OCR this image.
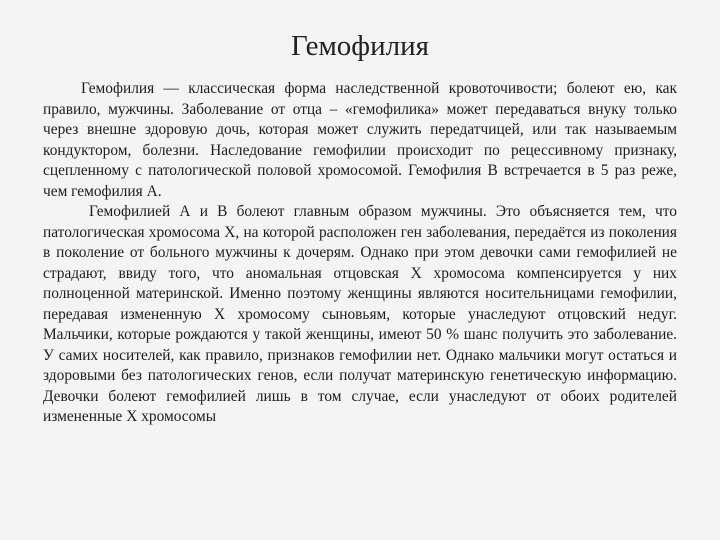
Гемофилия

Гемофилия — классическая форма наследственной кровоточивости; болеют ею, как правило, мужчины. Заболевание от отца – «гемофилика» может передаваться внуку только через внешне здоровую дочь, которая может служить передатчицей, или так называемым кондуктором, болезни. Наследование гемофилии происходит по рецессивному признаку, сцепленному с патологической половой хромосомой. Гемофилия В встречается в 5 раз реже, чем гемофилия А.

Гемофилией А и В болеют главным образом мужчины. Это объясняется тем, что патологическая хромосома X, на которой расположен ген заболевания, передаётся из поколения в поколение от больного мужчины к дочерям. Однако при этом девочки сами гемофилией не страдают, ввиду того, что аномальная отцовская X хромосома компенсируется у них полноценной материнской. Именно поэтому женщины являются носительницами гемофилии, передавая измененную X хромосому сыновьям, которые унаследуют отцовский недуг. Мальчики, которые рождаются у такой женщины, имеют 50 % шанс получить это заболевание. У самих носителей, как правило, признаков гемофилии нет. Однако мальчики могут остаться и здоровыми без патологических генов, если получат материнскую генетическую информацию. Девочки болеют гемофилией лишь в том случае, если унаследуют от обоих родителей измененные X хромосомы
